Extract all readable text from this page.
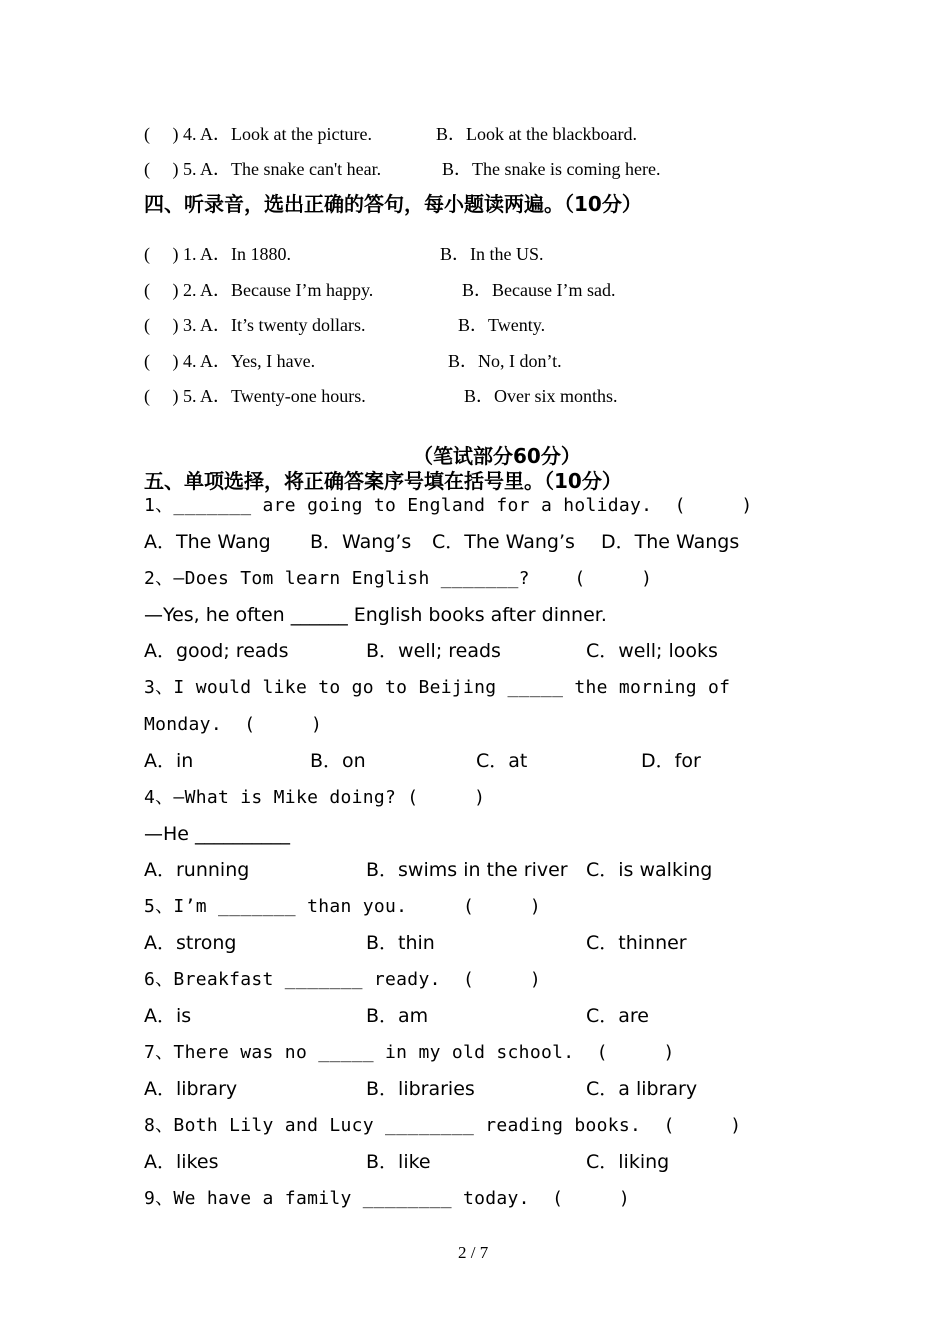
(     ) 4. A．Look at the picture.	B．Look at the blackboard.
(     ) 5. A．The snake can't hear.	B．The snake is coming here.
四、听录音，选出正确的答句，每小题读两遍。（10分）
(     ) 1. A．In 1880.	B．In the US.
(     ) 2. A．Because I’m happy.	B．Because I’m sad.
(     ) 3. A．It’s twenty dollars.	B．Twenty.
(     ) 4. A．Yes, I have.	B．No, I don’t.
(     ) 5. A．Twenty-one hours.	B．Over six months.
（笔试部分60分）
五、单项选择，将正确答案序号填在括号里。（10分）
1、_______ are going to England for a holiday.  (     )
A．The Wang B．Wang’s C．The Wang’s D．The Wangs
2、—Does Tom learn English _______?    (     )
—Yes, he often ______ English books after dinner.
A．good; reads	B．well; reads	C．well; looks
3、I would like to go to Beijing _____ the morning of
Monday.  (     )
A．in	B．on	C．at	D．for
4、—What is Mike doing? (     )
—He __________
A．running	B．swims in the river C．is walking
5、I’m _______ than you.     (     )
A．strong	B．thin	C．thinner
6、Breakfast _______ ready.  (     )
A．is	B．am	C．are
7、There was no _____ in my old school.  (     )
A．library	B．libraries	C．a library
8、Both Lily and Lucy ________ reading books.  (     )
A．likes	B．like	C．liking
9、We have a family ________ today.  (     )
2 / 7
